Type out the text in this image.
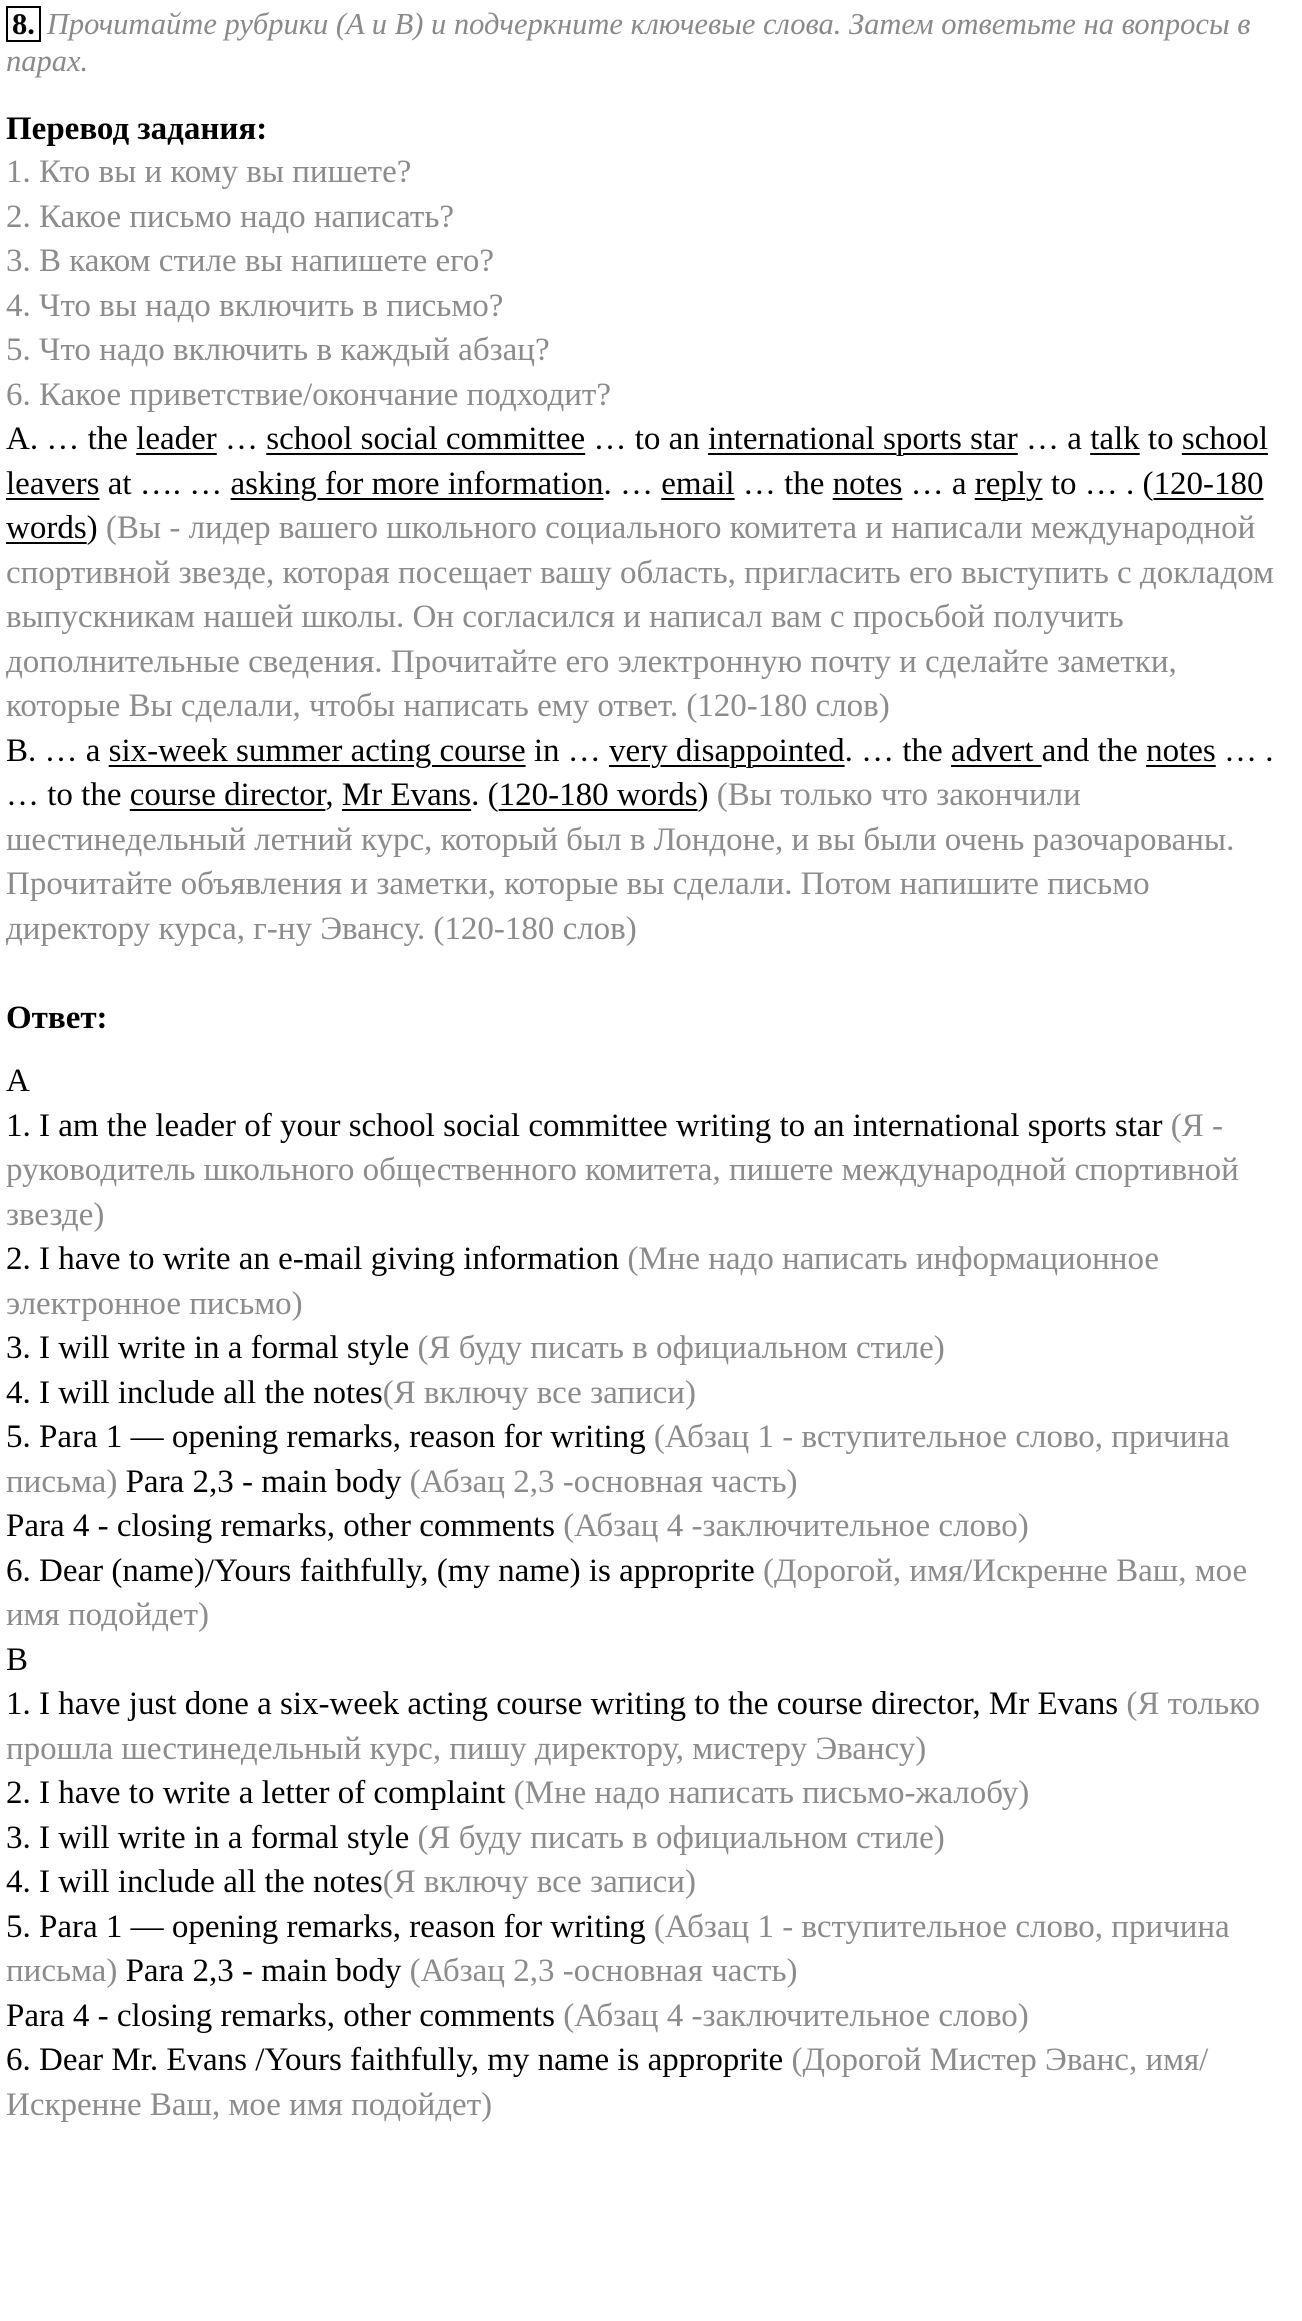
8. Прочитайте рубрики (A и B) и подчеркните ключевые слова. Затем ответьте на вопросы в парах.
Перевод задания:
1. Кто вы и кому вы пишете?
2. Какое письмо надо написать?
3. В каком стиле вы напишете его?
4. Что вы надо включить в письмо?
5. Что надо включить в каждый абзац?
6. Какое приветствие/окончание подходит?
A. … the leader … school social committee … to an international sports star … a talk to school leavers at …. … asking for more information. … email … the notes … a reply to … . (120-180 words) (Вы - лидер вашего школьного социального комитета и написали международной спортивной звезде, которая посещает вашу область, пригласить его выступить с докладом выпускникам нашей школы. Он согласился и написал вам с просьбой получить дополнительные сведения. Прочитайте его электронную почту и сделайте заметки, которые Вы сделали, чтобы написать ему ответ. (120-180 слов)
B. … a six-week summer acting course in … very disappointed. … the advert and the notes … . … to the course director, Mr Evans. (120-180 words) (Вы только что закончили шестинедельный летний курс, который был в Лондоне, и вы были очень разочарованы. Прочитайте объявления и заметки, которые вы сделали. Потом напишите письмо директору курса, г-ну Эвансу. (120-180 слов)
Ответ:
A
1. I am the leader of your school social committee writing to an international sports star (Я - руководитель школьного общественного комитета, пишете международной спортивной звезде)
2. I have to write an e-mail giving information (Мне надо написать информационное электронное письмо)
3. I will write in a formal style (Я буду писать в официальном стиле)
4. I will include all the notes(Я включу все записи)
5. Para 1 — opening remarks, reason for writing (Абзац 1 - вступительное слово, причина письма) Para 2,3 - main body (Абзац 2,3 -основная часть)
Para 4 - closing remarks, other comments (Абзац 4 -заключительное слово)
6. Dear (name)/Yours faithfully, (my name) is approprite (Дорогой, имя/Искренне Ваш, мое имя подойдет)
B
1. I have just done a six-week acting course writing to the course director, Mr Evans (Я только прошла шестинедельный курс, пишу директору, мистеру Эвансу)
2. I have to write a letter of complaint (Мне надо написать письмо-жалобу)
3. I will write in a formal style (Я буду писать в официальном стиле)
4. I will include all the notes(Я включу все записи)
5. Para 1 — opening remarks, reason for writing (Абзац 1 - вступительное слово, причина письма) Para 2,3 - main body (Абзац 2,3 -основная часть)
Para 4 - closing remarks, other comments (Абзац 4 -заключительное слово)
6. Dear Mr. Evans /Yours faithfully, my name is approprite (Дорогой Мистер Эванс, имя/Искренне Ваш, мое имя подойдет)
